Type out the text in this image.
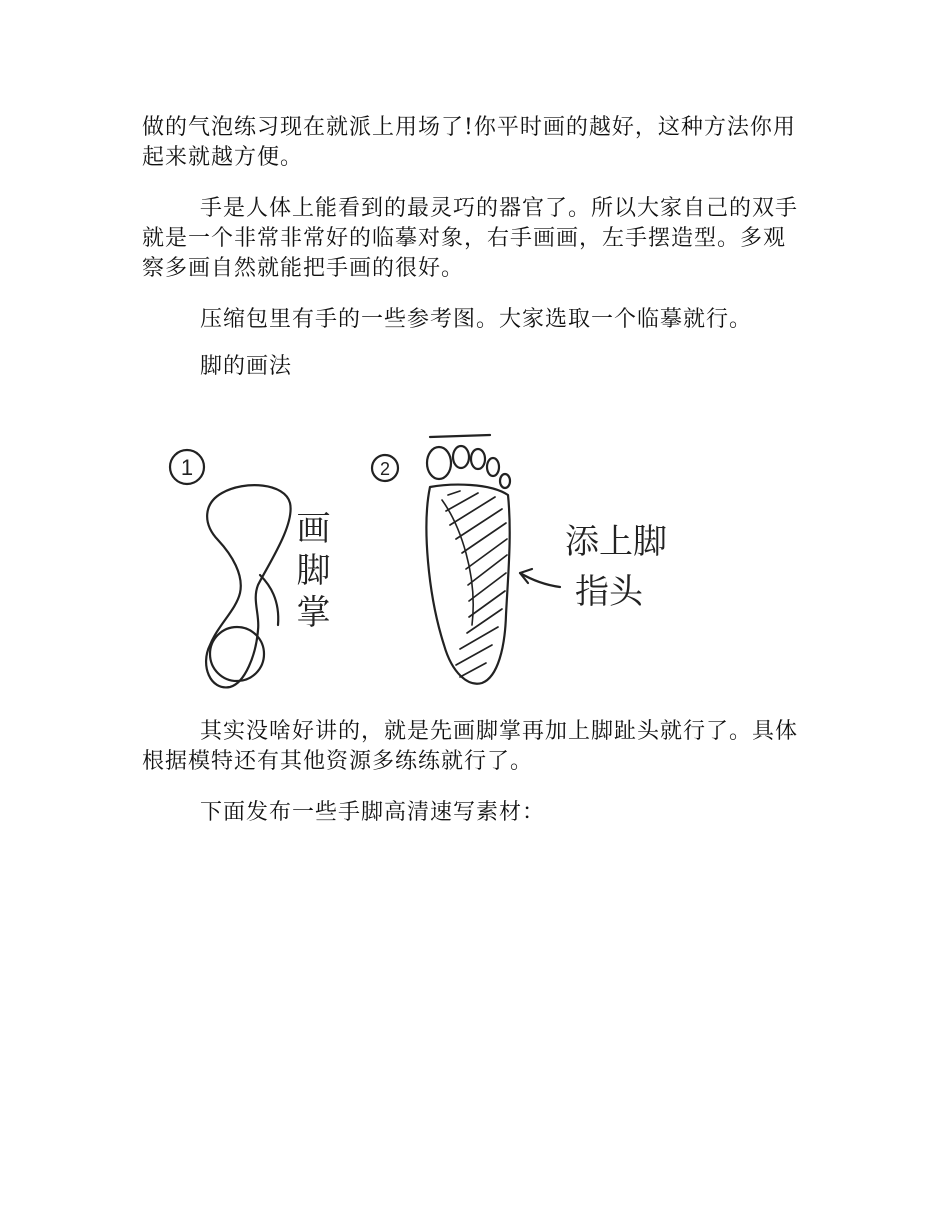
做的气泡练习现在就派上用场了!你平时画的越好，这种方法你用起来就越方便。

手是人体上能看到的最灵巧的器官了。所以大家自己的双手就是一个非常非常好的临摹对象，右手画画，左手摆造型。多观察多画自然就能把手画的很好。

压缩包里有手的一些参考图。大家选取一个临摹就行。

脚的画法

1
画脚掌
2
添上脚
指头

其实没啥好讲的，就是先画脚掌再加上脚趾头就行了。具体根据模特还有其他资源多练练就行了。

下面发布一些手脚高清速写素材：
